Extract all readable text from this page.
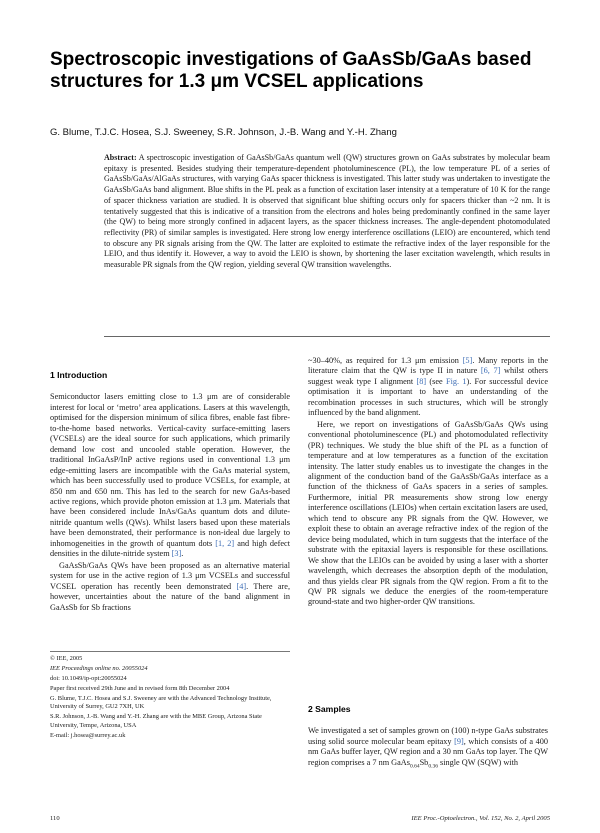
Spectroscopic investigations of GaAsSb/GaAs based structures for 1.3 μm VCSEL applications
G. Blume, T.J.C. Hosea, S.J. Sweeney, S.R. Johnson, J.-B. Wang and Y.-H. Zhang
Abstract: A spectroscopic investigation of GaAsSb/GaAs quantum well (QW) structures grown on GaAs substrates by molecular beam epitaxy is presented. Besides studying their temperature-dependent photoluminescence (PL), the low temperature PL of a series of GaAsSb/GaAs/AlGaAs structures, with varying GaAs spacer thickness is investigated. This latter study was undertaken to investigate the GaAsSb/GaAs band alignment. Blue shifts in the PL peak as a function of excitation laser intensity at a temperature of 10 K for the range of spacer thickness variation are studied. It is observed that significant blue shifting occurs only for spacers thicker than ~2 nm. It is tentatively suggested that this is indicative of a transition from the electrons and holes being predominantly confined in the same layer (the QW) to being more strongly confined in adjacent layers, as the spacer thickness increases. The angle-dependent photomodulated reflectivity (PR) of similar samples is investigated. Here strong low energy interference oscillations (LEIO) are encountered, which tend to obscure any PR signals arising from the QW. The latter are exploited to estimate the refractive index of the layer responsible for the LEIO, and thus identify it. However, a way to avoid the LEIO is shown, by shortening the laser excitation wavelength, which results in measurable PR signals from the QW region, yielding several QW transition wavelengths.
1 Introduction

Semiconductor lasers emitting close to 1.3 μm are of considerable interest for local or ‘metro’ area applications. Lasers at this wavelength, optimised for the dispersion minimum of silica fibres, enable fast fibre-to-the-home based networks. Vertical-cavity surface-emitting lasers (VCSELs) are the ideal source for such applications, which primarily demand low cost and uncooled stable operation. However, the traditional InGaAsP/InP active regions used in conventional 1.3 μm edge-emitting lasers are incompatible with the GaAs material system, which has been successfully used to produce VCSELs, for example, at 850 nm and 650 nm. This has led to the search for new GaAs-based active regions, which provide photon emission at 1.3 μm. Materials that have been considered include InAs/GaAs quantum dots and dilute-nitride quantum wells (QWs). Whilst lasers based upon these materials have been demonstrated, their performance is non-ideal due largely to inhomogeneities in the growth of quantum dots [1, 2] and high defect densities in the dilute-nitride system [3].

GaAsSb/GaAs QWs have been proposed as an alternative material system for use in the active region of 1.3 μm VCSELs and successful VCSEL operation has recently been demonstrated [4]. There are, however, uncertainties about the nature of the band alignment in GaAsSb for Sb fractions

~30–40%, as required for 1.3 μm emission [5]. Many reports in the literature claim that the QW is type II in nature [6, 7] whilst others suggest weak type I alignment [8] (see Fig. 1). For successful device optimisation it is important to have an understanding of the recombination processes in such structures, which will be strongly influenced by the band alignment.

Here, we report on investigations of GaAsSb/GaAs QWs using conventional photoluminescence (PL) and photomodulated reflectivity (PR) techniques. We study the blue shift of the PL as a function of temperature and at low temperatures as a function of the excitation intensity. The latter study enables us to investigate the changes in the alignment of the conduction band of the GaAsSb/GaAs interface as a function of the thickness of GaAs spacers in a series of samples. Furthermore, initial PR measurements show strong low energy interference oscillations (LEIOs) when certain excitation lasers are used, which tend to obscure any PR signals from the QW. However, we exploit these to obtain an average refractive index of the region of the device being modulated, which in turn suggests that the interface of the substrate with the epitaxial layers is responsible for these oscillations. We show that the LEIOs can be avoided by using a laser with a shorter wavelength, which decreases the absorption depth of the modulation, and thus yields clear PR signals from the QW region. From a fit to the QW PR signals we deduce the energies of the room-temperature ground-state and two higher-order QW transitions.

© IEE, 2005
IEE Proceedings online no. 20055024
doi: 10.1049/ip-opt:20055024
Paper first received 29th June and in revised form 8th December 2004
G. Blume, T.J.C. Hosea and S.J. Sweeney are with the Advanced Technology Institute, University of Surrey, GU2 7XH, UK
S.R. Johnson, J.-B. Wang and Y.-H. Zhang are with the MBE Group, Arizona State University, Tempe, Arizona, USA
E-mail: j.hosea@surrey.ac.uk
2 Samples

We investigated a set of samples grown on (100) n-type GaAs substrates using solid source molecular beam epitaxy [9], which consists of a 400 nm GaAs buffer layer, QW region and a 30 nm GaAs top layer. The QW region comprises a 7 nm $GaAs_{0.64}Sb_{0.36}$ single QW (SQW) with

110	IEE Proc.-Optoelectron., Vol. 152, No. 2, April 2005
